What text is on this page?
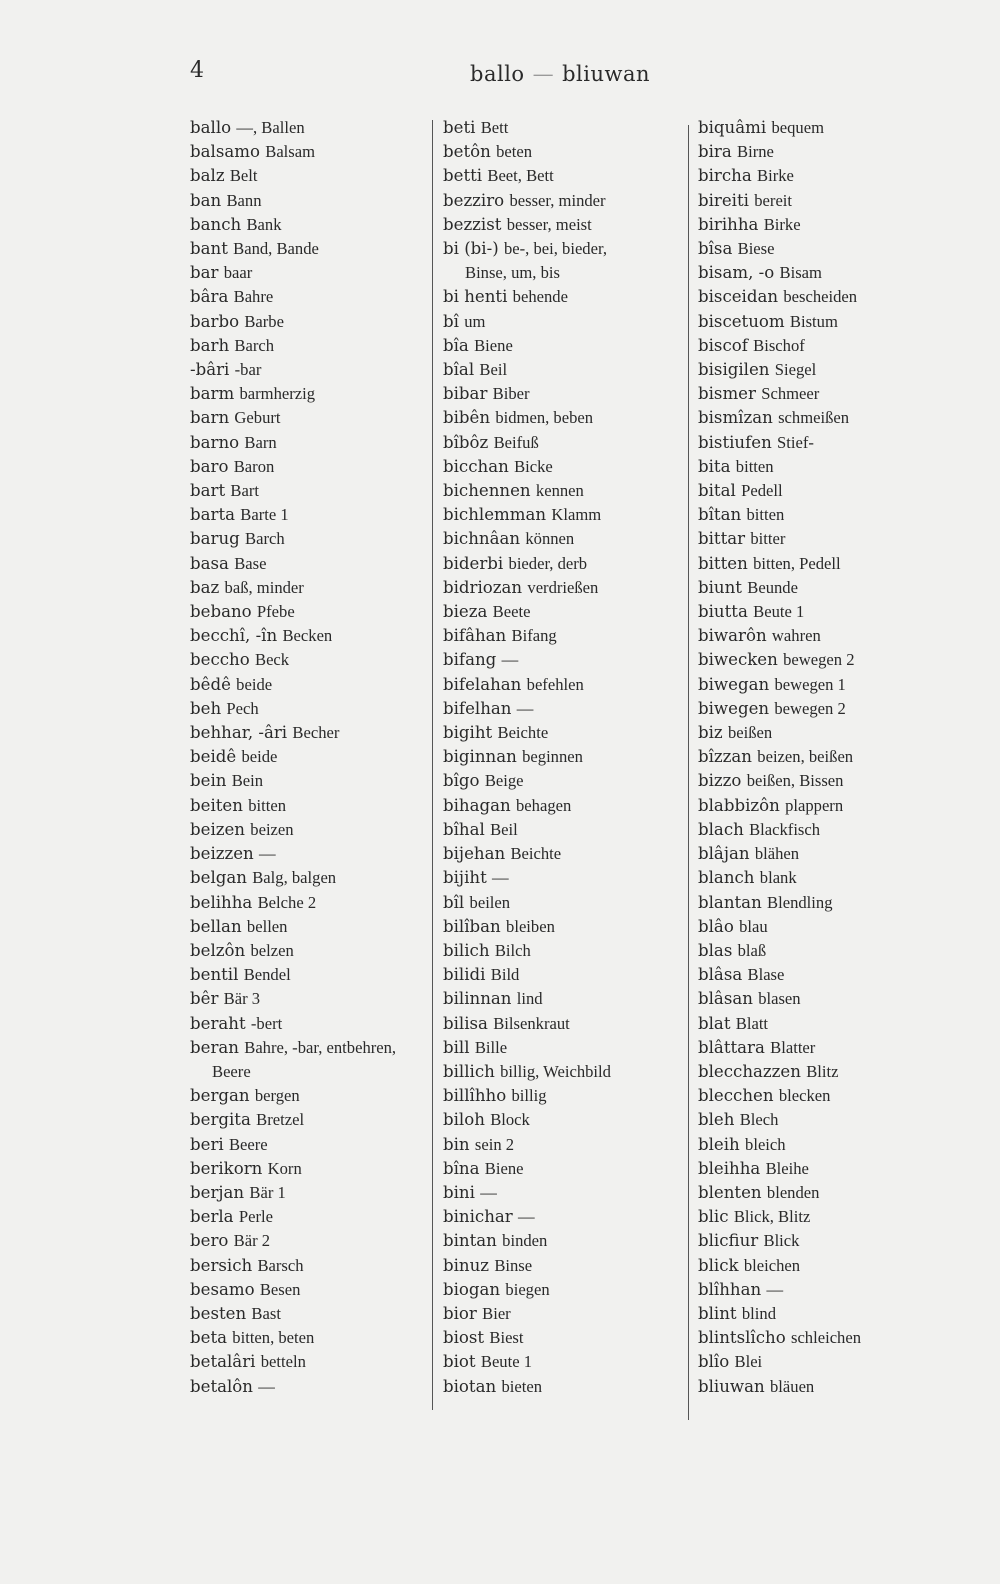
4	ballo — bliuwan
ballo —, Ballen
balsamo Balsam
balz Belt
ban Bann
banch Bank
bant Band, Bande
bar baar
bâra Bahre
barbo Barbe
barh Barch
-bâri -bar
barm barmherzig
barn Geburt
barno Barn
baro Baron
bart Bart
barta Barte 1
barug Barch
basa Base
baz baß, minder
bebano Pfebe
becchî, -în Becken
beccho Beck
bêdê beide
beh Pech
behhar, -âri Becher
beidê beide
bein Bein
beiten bitten
beizen beizen
beizzen —
belgan Balg, balgen
belihha Belche 2
bellan bellen
belzôn belzen
bentil Bendel
bêr Bär 3
beraht -bert
beran Bahre, -bar, entbehren,
Beere
bergan bergen
bergita Bretzel
beri Beere
berikorn Korn
berjan Bär 1
berla Perle
bero Bär 2
bersich Barsch
besamo Besen
besten Bast
beta bitten, beten
betalâri betteln
betalôn —
beti Bett
betôn beten
betti Beet, Bett
bezziro besser, minder
bezzist besser, meist
bi (bi-) be-, bei, bieder,
Binse, um, bis
bi henti behende
bî um
bîa Biene
bîal Beil
bibar Biber
bibên bidmen, beben
bîbôz Beifuß
bicchan Bicke
bichennen kennen
bichlemman Klamm
bichnâan können
biderbi bieder, derb
bidriozan verdrießen
bieza Beete
bifâhan Bifang
bifang —
bifelahan befehlen
bifelhan —
bigiht Beichte
biginnan beginnen
bîgo Beige
bihagan behagen
bîhal Beil
bijehan Beichte
bijiht —
bîl beilen
bilîban bleiben
bilich Bilch
bilidi Bild
bilinnan lind
bilisa Bilsenkraut
bill Bille
billich billig, Weichbild
billîhho billig
biloh Block
bin sein 2
bîna Biene
bini —
binichar —
bintan binden
binuz Binse
biogan biegen
bior Bier
biost Biest
biot Beute 1
biotan bieten
biquâmi bequem
bira Birne
bircha Birke
bireiti bereit
birihha Birke
bîsa Biese
bisam, -o Bisam
bisceidan bescheiden
biscetuom Bistum
biscof Bischof
bisigilen Siegel
bismer Schmeer
bismîzan schmeißen
bistiufen Stief-
bita bitten
bital Pedell
bîtan bitten
bittar bitter
bitten bitten, Pedell
biunt Beunde
biutta Beute 1
biwarôn wahren
biwecken bewegen 2
biwegan bewegen 1
biwegen bewegen 2
biz beißen
bîzzan beizen, beißen
bizzo beißen, Bissen
blabbizôn plappern
blach Blackfisch
blâjan blähen
blanch blank
blantan Blendling
blâo blau
blas blaß
blâsa Blase
blâsan blasen
blat Blatt
blâttara Blatter
blecchazzen Blitz
blecchen blecken
bleh Blech
bleih bleich
bleihha Bleihe
blenten blenden
blic Blick, Blitz
blicfiur Blick
blick bleichen
blîhhan —
blint blind
blintslîcho schleichen
blîo Blei
bliuwan bläuen
